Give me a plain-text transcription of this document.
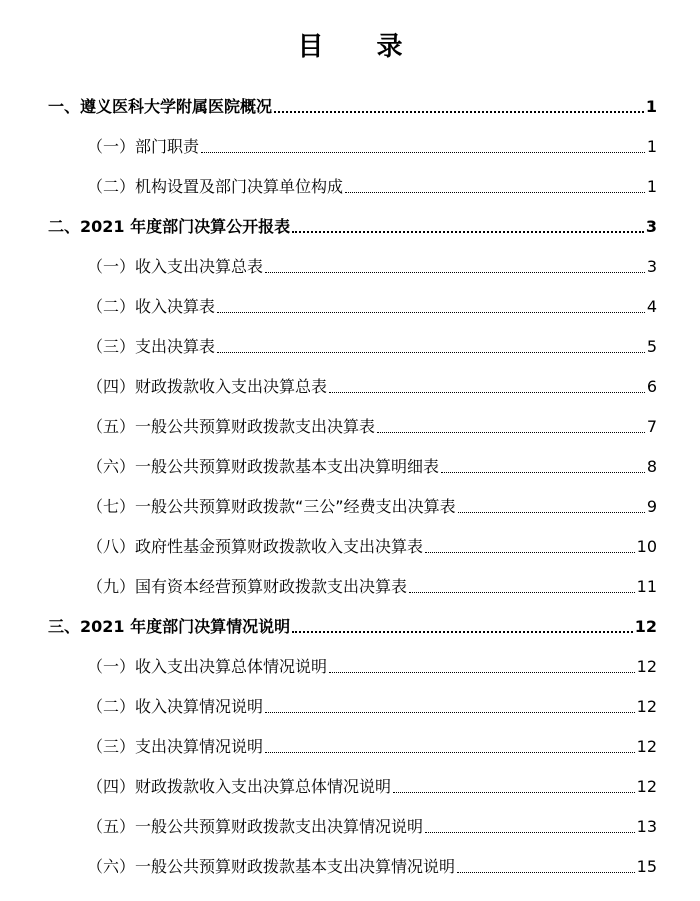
目 录
一、遵义医科大学附属医院概况	1
（一）部门职责	1
（二）机构设置及部门决算单位构成	1
二、2021 年度部门决算公开报表	3
（一）收入支出决算总表	3
（二）收入决算表	4
（三）支出决算表	5
（四）财政拨款收入支出决算总表	6
（五）一般公共预算财政拨款支出决算表	7
（六）一般公共预算财政拨款基本支出决算明细表	8
（七）一般公共预算财政拨款“三公”经费支出决算表	9
（八）政府性基金预算财政拨款收入支出决算表	10
（九）国有资本经营预算财政拨款支出决算表	11
三、2021 年度部门决算情况说明	12
（一）收入支出决算总体情况说明	12
（二）收入决算情况说明	12
（三）支出决算情况说明	12
（四）财政拨款收入支出决算总体情况说明	12
（五）一般公共预算财政拨款支出决算情况说明	13
（六）一般公共预算财政拨款基本支出决算情况说明	15
